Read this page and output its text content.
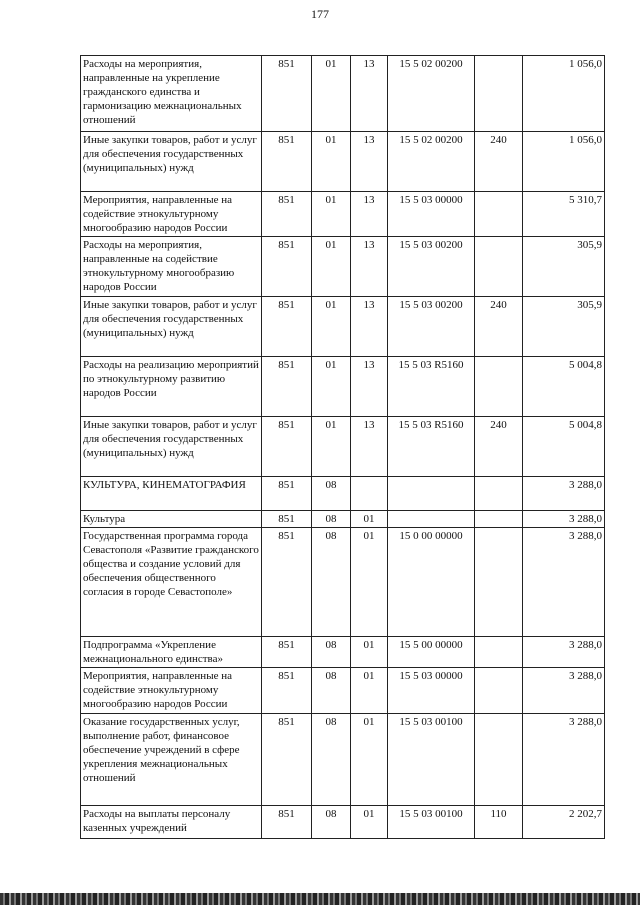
177
Расходы на мероприятия, направленные на укрепление гражданского единства и гармонизацию межнациональных отношений	851	01	13	15 5 02 00200		1 056,0
Иные закупки товаров, работ и услуг для обеспечения государственных (муниципальных) нужд	851	01	13	15 5 02 00200	240	1 056,0
Мероприятия, направленные на содействие этнокультурному многообразию народов России	851	01	13	15 5 03 00000		5 310,7
Расходы на мероприятия, направленные на содействие этнокультурному многообразию народов России	851	01	13	15 5 03 00200		305,9
Иные закупки товаров, работ и услуг для обеспечения государственных (муниципальных) нужд	851	01	13	15 5 03 00200	240	305,9
Расходы на реализацию мероприятий по этнокультурному развитию народов России	851	01	13	15 5 03 R5160		5 004,8
Иные закупки товаров, работ и услуг для обеспечения государственных (муниципальных) нужд	851	01	13	15 5 03 R5160	240	5 004,8
КУЛЬТУРА, КИНЕМАТОГРАФИЯ	851	08				3 288,0
Культура	851	08	01			3 288,0
Государственная программа города Севастополя «Развитие гражданского общества и создание условий для обеспечения общественного согласия в городе Севастополе»	851	08	01	15 0 00 00000		3 288,0
Подпрограмма «Укрепление межнационального единства»	851	08	01	15 5 00 00000		3 288,0
Мероприятия, направленные на содействие этнокультурному многообразию народов России	851	08	01	15 5 03 00000		3 288,0
Оказание государственных услуг, выполнение работ, финансовое обеспечение учреждений в сфере укрепления межнациональных отношений	851	08	01	15 5 03 00100		3 288,0
Расходы на выплаты персоналу казенных учреждений	851	08	01	15 5 03 00100	110	2 202,7
